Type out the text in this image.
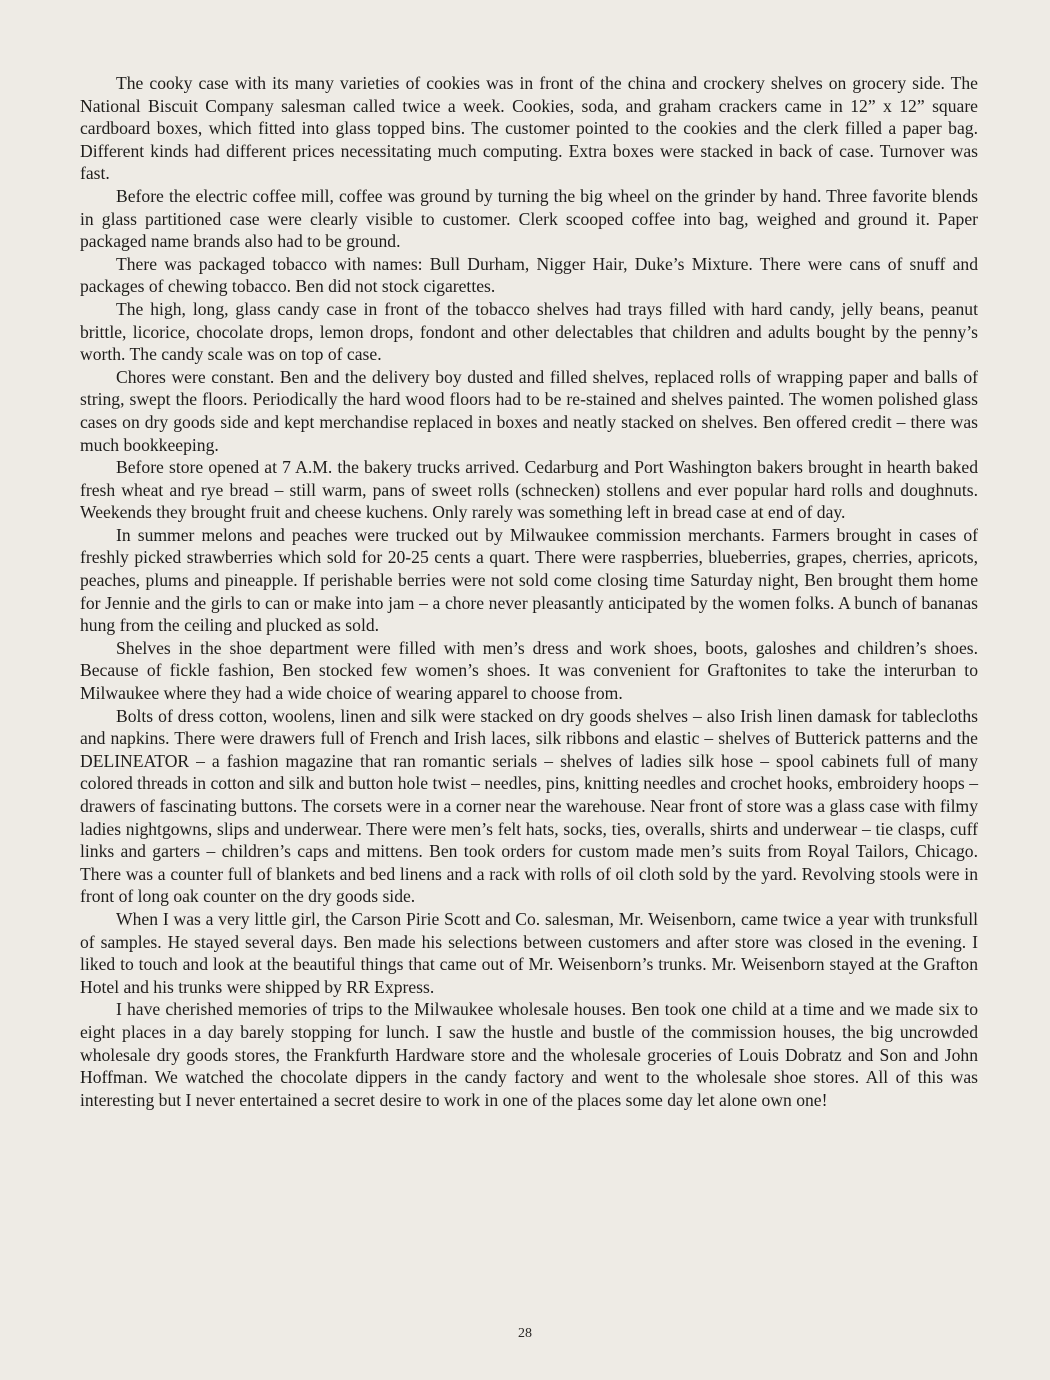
The cooky case with its many varieties of cookies was in front of the china and crockery shelves on grocery side. The National Biscuit Company salesman called twice a week. Cookies, soda, and graham crackers came in 12” x 12” square cardboard boxes, which fitted into glass topped bins. The customer pointed to the cookies and the clerk filled a paper bag. Different kinds had different prices necessitating much computing. Extra boxes were stacked in back of case. Turnover was fast.

Before the electric coffee mill, coffee was ground by turning the big wheel on the grinder by hand. Three favorite blends in glass partitioned case were clearly visible to customer. Clerk scooped coffee into bag, weighed and ground it. Paper packaged name brands also had to be ground.

There was packaged tobacco with names: Bull Durham, Nigger Hair, Duke’s Mixture. There were cans of snuff and packages of chewing tobacco. Ben did not stock cigarettes.

The high, long, glass candy case in front of the tobacco shelves had trays filled with hard candy, jelly beans, peanut brittle, licorice, chocolate drops, lemon drops, fondont and other delectables that children and adults bought by the penny’s worth. The candy scale was on top of case.

Chores were constant. Ben and the delivery boy dusted and filled shelves, replaced rolls of wrapping paper and balls of string, swept the floors. Periodically the hard wood floors had to be re-stained and shelves painted. The women polished glass cases on dry goods side and kept merchandise replaced in boxes and neatly stacked on shelves. Ben offered credit – there was much bookkeeping.

Before store opened at 7 A.M. the bakery trucks arrived. Cedarburg and Port Washington bakers brought in hearth baked fresh wheat and rye bread – still warm, pans of sweet rolls (schnecken) stollens and ever popular hard rolls and doughnuts. Weekends they brought fruit and cheese kuchens. Only rarely was something left in bread case at end of day.

In summer melons and peaches were trucked out by Milwaukee commission merchants. Farmers brought in cases of freshly picked strawberries which sold for 20-25 cents a quart. There were raspberries, blueberries, grapes, cherries, apricots, peaches, plums and pineapple. If perishable berries were not sold come closing time Saturday night, Ben brought them home for Jennie and the girls to can or make into jam – a chore never pleasantly anticipated by the women folks. A bunch of bananas hung from the ceiling and plucked as sold.

Shelves in the shoe department were filled with men’s dress and work shoes, boots, galoshes and children’s shoes. Because of fickle fashion, Ben stocked few women’s shoes. It was convenient for Graftonites to take the interurban to Milwaukee where they had a wide choice of wearing apparel to choose from.

Bolts of dress cotton, woolens, linen and silk were stacked on dry goods shelves – also Irish linen damask for tablecloths and napkins. There were drawers full of French and Irish laces, silk ribbons and elastic – shelves of Butterick patterns and the DELINEATOR – a fashion magazine that ran romantic serials – shelves of ladies silk hose – spool cabinets full of many colored threads in cotton and silk and button hole twist – needles, pins, knitting needles and crochet hooks, embroidery hoops – drawers of fascinating buttons. The corsets were in a corner near the warehouse. Near front of store was a glass case with filmy ladies nightgowns, slips and underwear. There were men’s felt hats, socks, ties, overalls, shirts and underwear – tie clasps, cuff links and garters – children’s caps and mittens. Ben took orders for custom made men’s suits from Royal Tailors, Chicago. There was a counter full of blankets and bed linens and a rack with rolls of oil cloth sold by the yard. Revolving stools were in front of long oak counter on the dry goods side.

When I was a very little girl, the Carson Pirie Scott and Co. salesman, Mr. Weisenborn, came twice a year with trunksfull of samples. He stayed several days. Ben made his selections between customers and after store was closed in the evening. I liked to touch and look at the beautiful things that came out of Mr. Weisenborn’s trunks. Mr. Weisenborn stayed at the Grafton Hotel and his trunks were shipped by RR Express.

I have cherished memories of trips to the Milwaukee wholesale houses. Ben took one child at a time and we made six to eight places in a day barely stopping for lunch. I saw the hustle and bustle of the commission houses, the big uncrowded wholesale dry goods stores, the Frankfurth Hardware store and the wholesale groceries of Louis Dobratz and Son and John Hoffman. We watched the chocolate dippers in the candy factory and went to the wholesale shoe stores. All of this was interesting but I never entertained a secret desire to work in one of the places some day let alone own one!

28
